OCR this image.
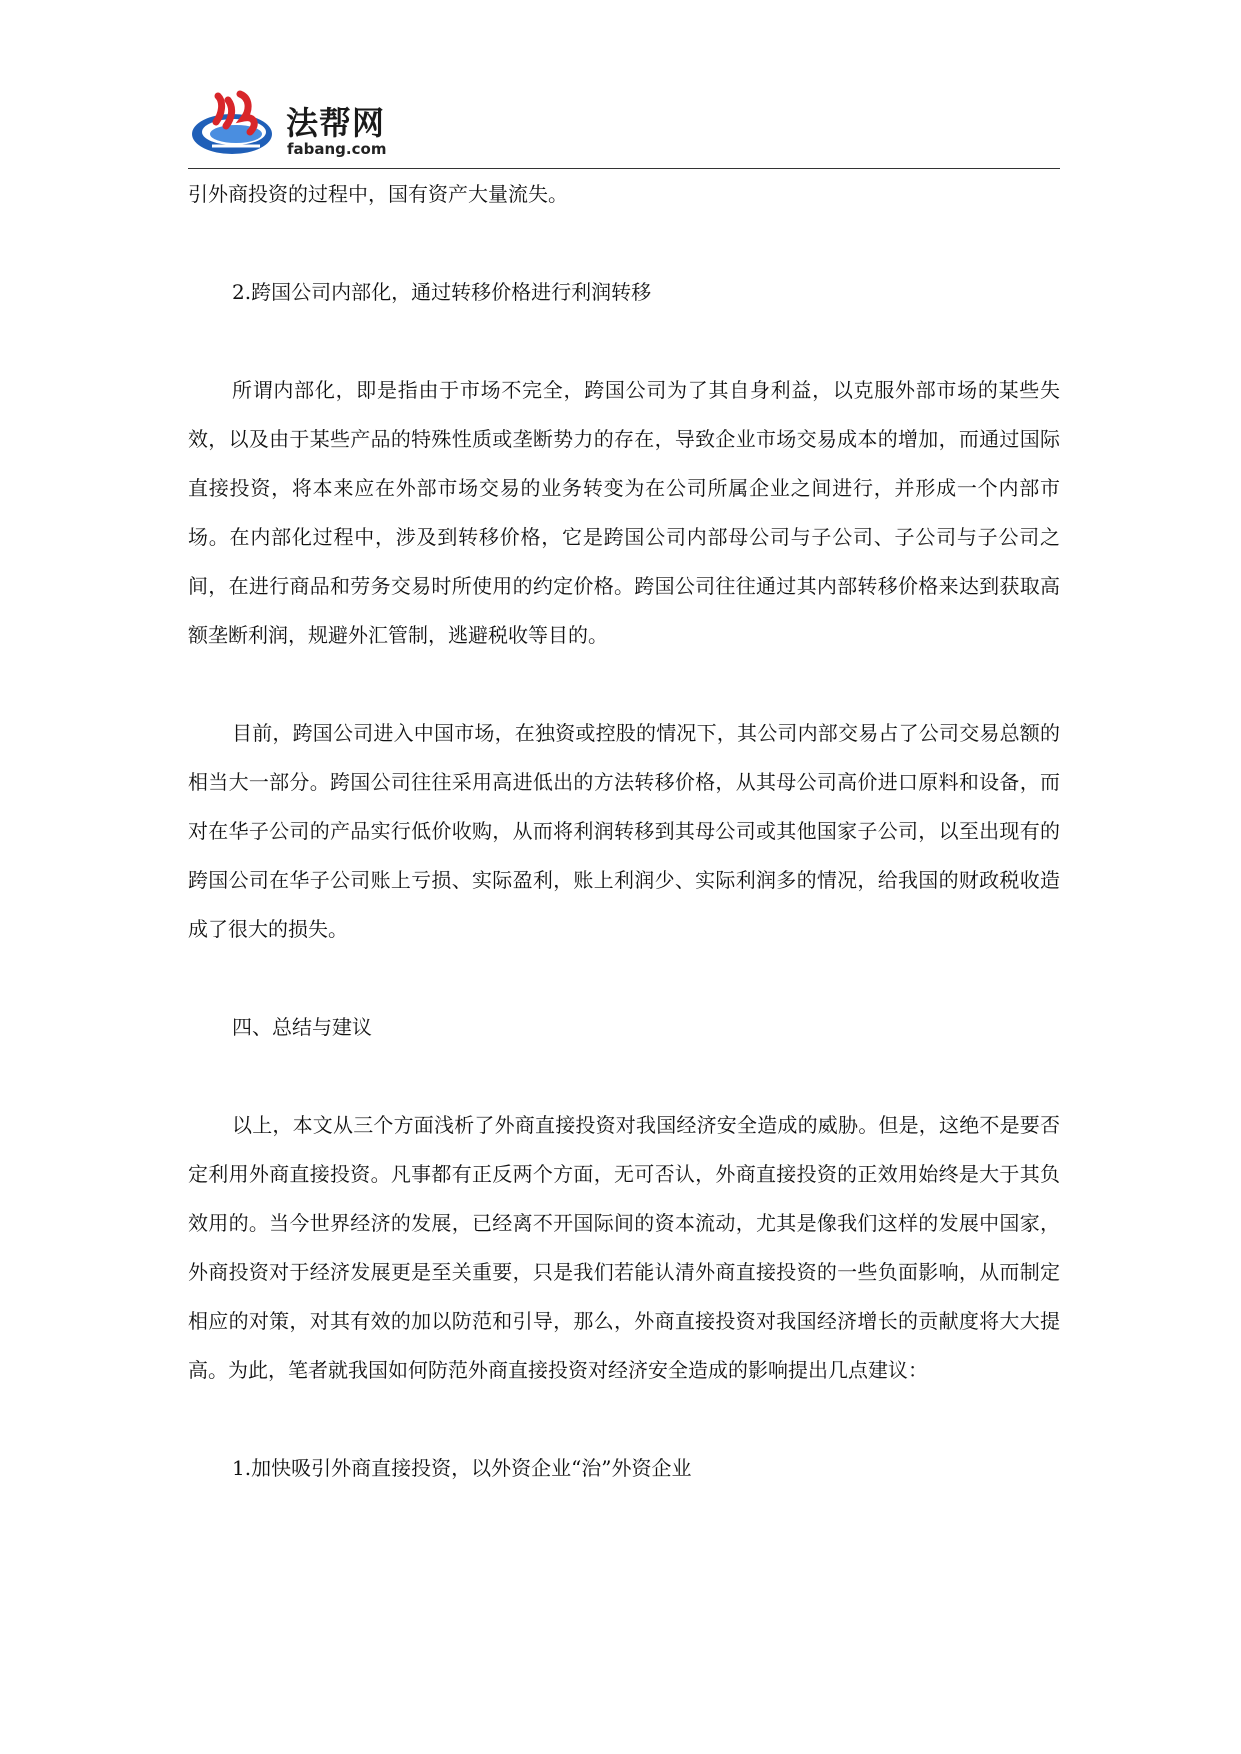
法帮网
fabang.com

引外商投资的过程中，国有资产大量流失。

2.跨国公司内部化，通过转移价格进行利润转移

所谓内部化，即是指由于市场不完全，跨国公司为了其自身利益，以克服外部市场的某些失效，以及由于某些产品的特殊性质或垄断势力的存在，导致企业市场交易成本的增加，而通过国际直接投资，将本来应在外部市场交易的业务转变为在公司所属企业之间进行，并形成一个内部市场。在内部化过程中，涉及到转移价格，它是跨国公司内部母公司与子公司、子公司与子公司之间，在进行商品和劳务交易时所使用的约定价格。跨国公司往往通过其内部转移价格来达到获取高额垄断利润，规避外汇管制，逃避税收等目的。

目前，跨国公司进入中国市场，在独资或控股的情况下，其公司内部交易占了公司交易总额的相当大一部分。跨国公司往往采用高进低出的方法转移价格，从其母公司高价进口原料和设备，而对在华子公司的产品实行低价收购，从而将利润转移到其母公司或其他国家子公司，以至出现有的跨国公司在华子公司账上亏损、实际盈利，账上利润少、实际利润多的情况，给我国的财政税收造成了很大的损失。

四、总结与建议

以上，本文从三个方面浅析了外商直接投资对我国经济安全造成的威胁。但是，这绝不是要否定利用外商直接投资。凡事都有正反两个方面，无可否认，外商直接投资的正效用始终是大于其负效用的。当今世界经济的发展，已经离不开国际间的资本流动，尤其是像我们这样的发展中国家，外商投资对于经济发展更是至关重要，只是我们若能认清外商直接投资的一些负面影响，从而制定相应的对策，对其有效的加以防范和引导，那么，外商直接投资对我国经济增长的贡献度将大大提高。为此，笔者就我国如何防范外商直接投资对经济安全造成的影响提出几点建议：

1.加快吸引外商直接投资，以外资企业“治”外资企业
